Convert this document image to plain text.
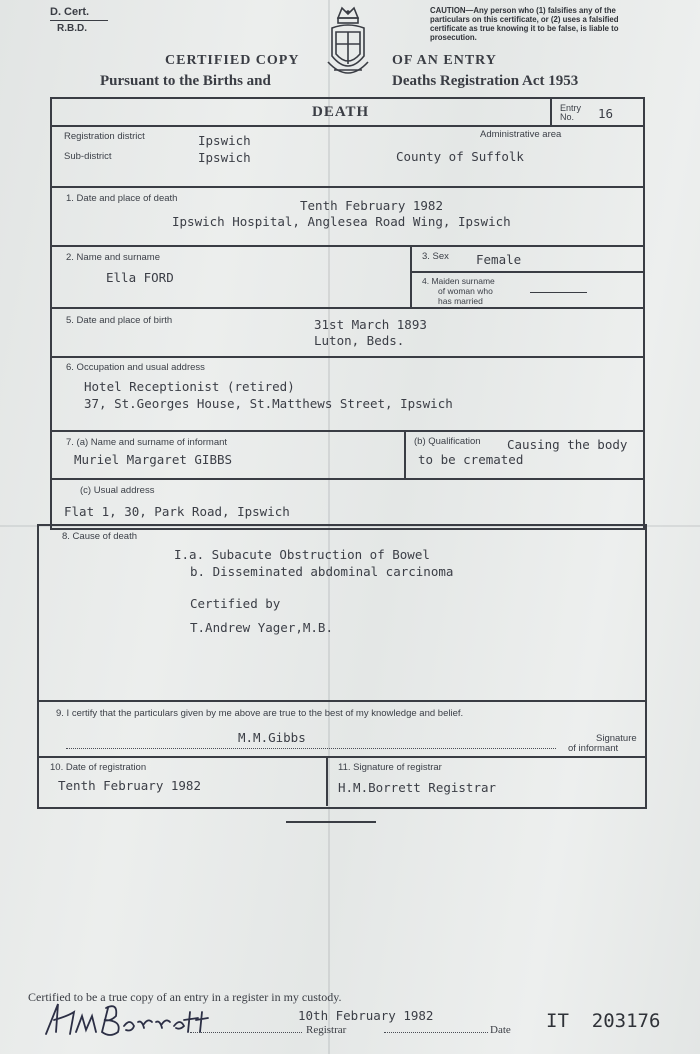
D. Cert.
R.B.D.
CAUTION—Any person who (1) falsifies any of the particulars on this certificate, or (2) uses a falsified certificate as true knowing it to be false, is liable to prosecution.
CERTIFIED COPY	OF AN ENTRY
Pursuant to the Births and	Deaths Registration Act 1953
DEATH	Entry No.	16
Registration district	Ipswich
Sub-district	Ipswich
Administrative area
County of Suffolk
1. Date and place of death	Tenth February 1982
Ipswich Hospital, Anglesea Road Wing, Ipswich
2. Name and surname
Ella FORD
3. Sex Female
4. Maiden surname
of woman who
has married
5. Date and place of birth	31st March 1893
Luton, Beds.
6. Occupation and usual address
Hotel Receptionist (retired)
37, St.Georges House, St.Matthews Street, Ipswich
7. (a) Name and surname of informant
Muriel Margaret GIBBS
(b) Qualification Causing the body
to be cremated
(c) Usual address
Flat 1, 30, Park Road, Ipswich
8. Cause of death
I.a. Subacute Obstruction of Bowel
b. Disseminated abdominal carcinoma
Certified by
T.Andrew Yager,M.B.
9. I certify that the particulars given by me above are true to the best of my knowledge and belief.
M.M.Gibbs	Signature
of informant
10. Date of registration
Tenth February 1982
11. Signature of registrar
H.M.Borrett Registrar
Certified to be a true copy of an entry in a register in my custody.
Registrar
10th February 1982
Date IT  203176
